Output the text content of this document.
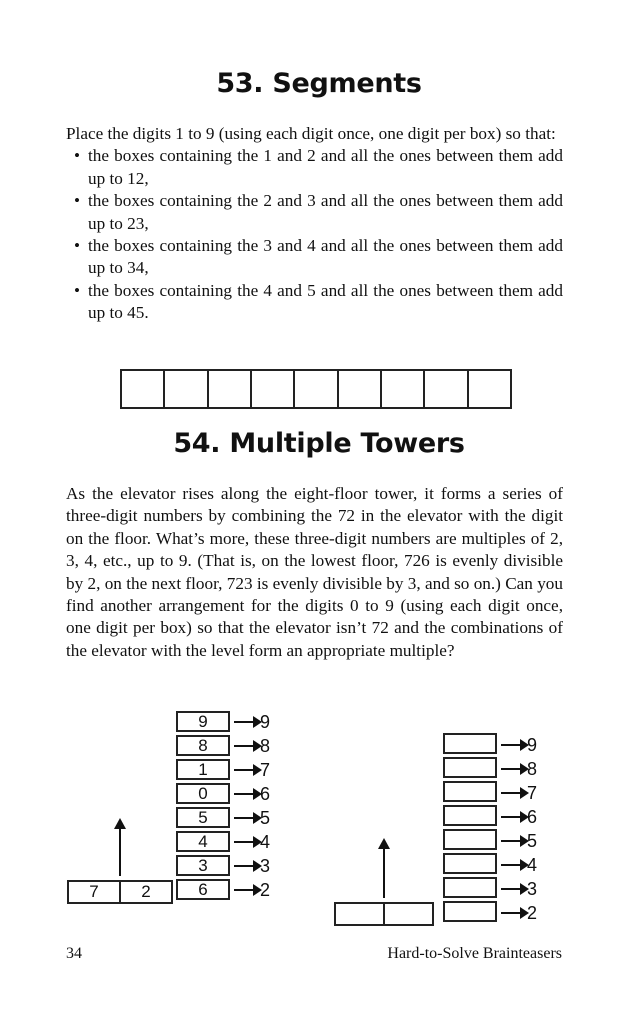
53. Segments

Place the digits 1 to 9 (using each digit once, one digit per box) so that:

• the boxes containing the 1 and 2 and all the ones between them add up to 12,

• the boxes containing the 2 and 3 and all the ones between them add up to 23,

• the boxes containing the 3 and 4 and all the ones between them add up to 34,

• the boxes containing the 4 and 5 and all the ones between them add up to 45.

54. Multiple Towers
As the elevator rises along the eight-floor tower, it forms a series of three-digit numbers by combining the 72 in the elevator with the digit on the floor. What’s more, these three-digit numbers are multiples of 2, 3, 4, etc., up to 9. (That is, on the lowest floor, 726 is evenly divisible by 2, on the next floor, 723 is evenly divisible by 3, and so on.) Can you find another arrangement for the digits 0 to 9 (using each digit once, one digit per box) so that the elevator isn’t 72 and the combinations of the elevator with the level form an appropriate multiple?
9
8
1
0
5
4
3
6
9
8
7
6
5
4
3
2
7	2
9
8
7
6
5
4
3
2
34	Hard-to-Solve Brainteasers
